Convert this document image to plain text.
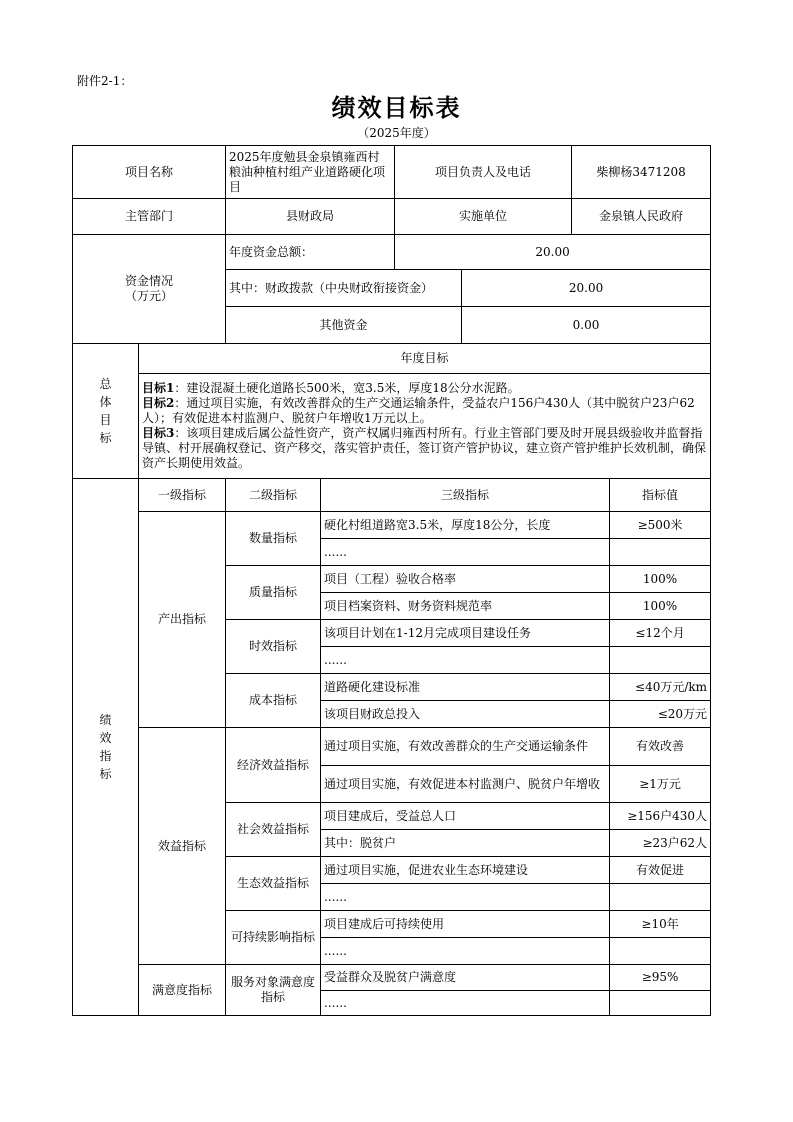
附件2-1：
绩效目标表
（2025年度）
项目名称		2025年度勉县金泉镇雍西村粮油种植村组产业道路硬化项目		项目负责人及电话		柴柳杨3471208	
主管部门		县财政局		实施单位		金泉镇人民政府	

资金情况
（万元）		年度资金总额：		20.00			
		其中：财政拨款（中央财政衔接资金）			20.00		
		其他资金			0.00		

总体目标	年度目标						

	目标1：建设混凝土硬化道路长500米，宽3.5米，厚度18公分水泥路。

目标2：通过项目实施，有效改善群众的生产交通运输条件，受益农户156户430人（其中脱贫户23户62人）；有效促进本村监测户、脱贫户年增收1万元以上。

目标3：该项目建成后属公益性资产，资产权属归雍西村所有。行业主管部门要及时开展县级验收并监督指导镇、村开展确权登记、资产移交，落实管护责任，签订资产管护协议，建立资产管护维护长效机制，确保资产长期使用效益。						

绩效指标	一级指标	二级指标	三级指标				指标值
	产出指标	数量指标	硬化村组道路宽3.5米，厚度18公分，长度				≥500米
			......				
		质量指标	项目（工程）验收合格率				100%
			项目档案资料、财务资料规范率				100%
		时效指标	该项目计划在1-12月完成项目建设任务				≤12个月
			......				
		成本指标	道路硬化建设标准				≤40万元/km
			该项目财政总投入				≤20万元
	效益指标	经济效益指标	通过项目实施，有效改善群众的生产交通运输条件				有效改善
			通过项目实施，有效促进本村监测户、脱贫户年增收				≥1万元
		社会效益指标	项目建成后，受益总人口				≥156户430人
			其中：脱贫户				≥23户62人
		生态效益指标	通过项目实施，促进农业生态环境建设				有效促进
			......				
		可持续影响指标	项目建成后可持续使用				≥10年
			......				
	满意度指标	服务对象满意度指标	受益群众及脱贫户满意度				≥95%
			......				
